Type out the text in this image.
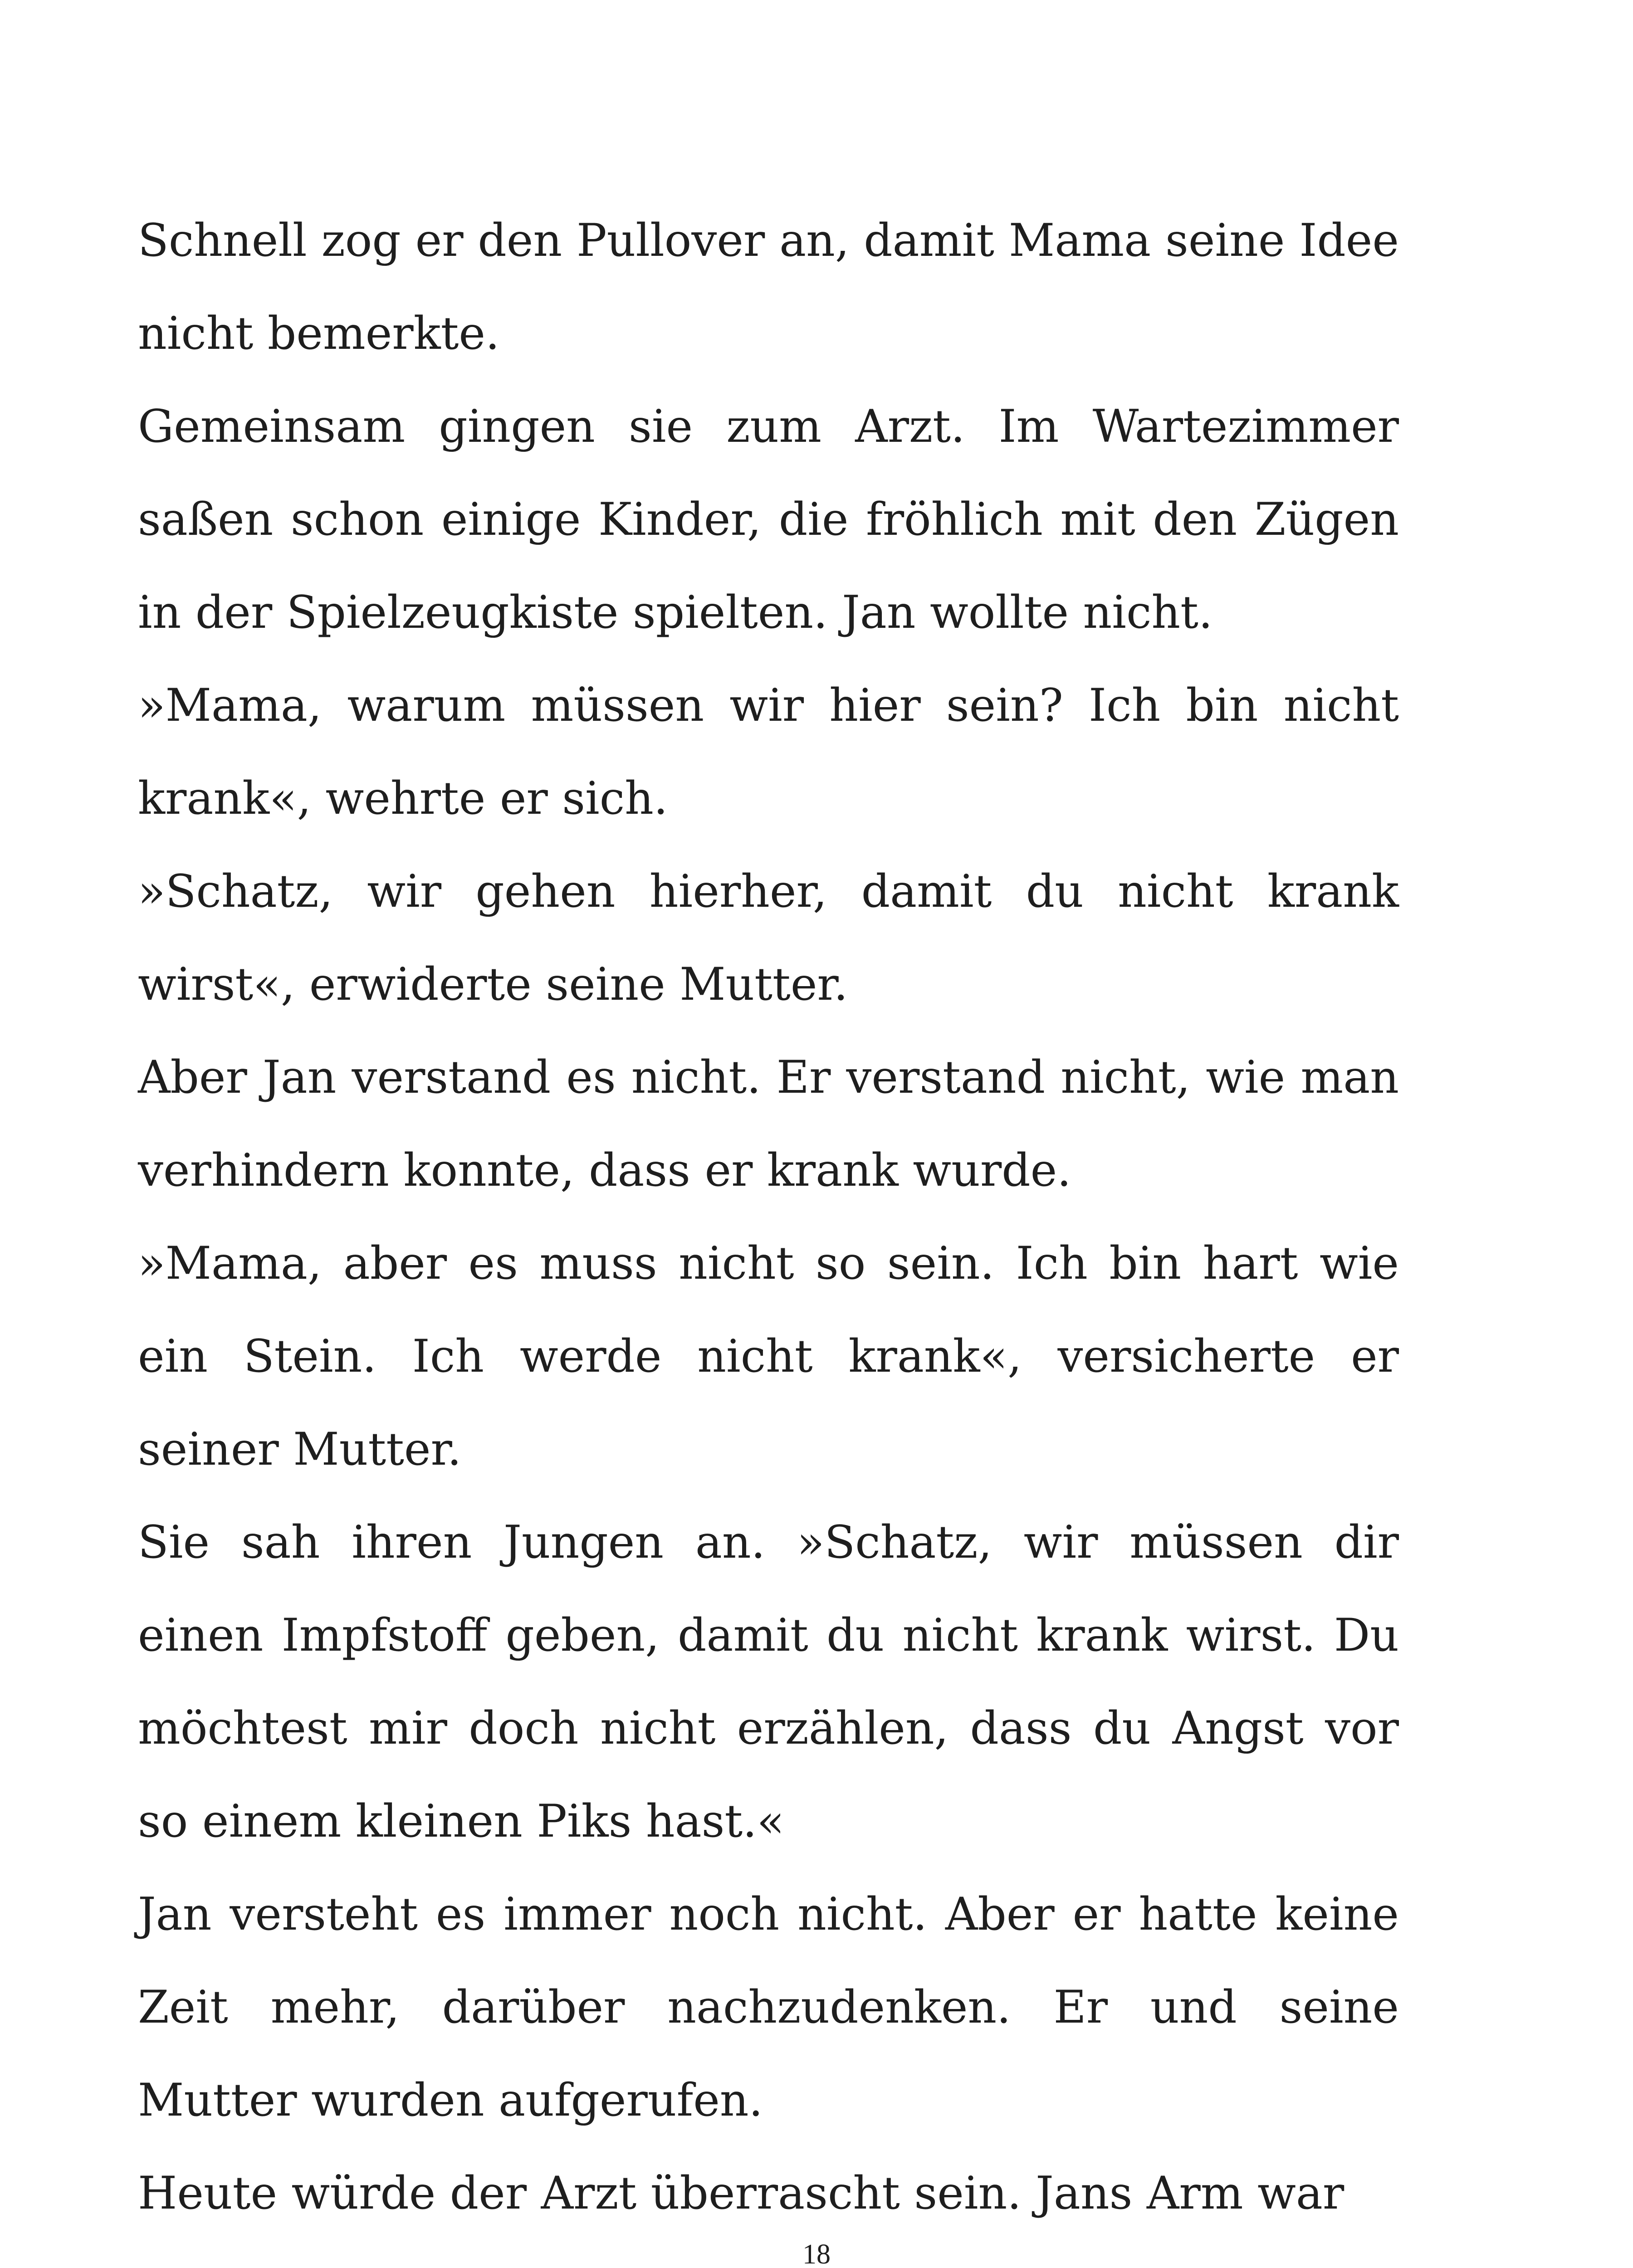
Schnell zog er den Pullover an, damit Mama seine Idee nicht bemerkte.

Gemeinsam gingen sie zum Arzt. Im Wartezimmer saßen schon einige Kinder, die fröhlich mit den Zügen in der Spielzeugkiste spielten. Jan wollte nicht.

»Mama, warum müssen wir hier sein? Ich bin nicht krank«, wehrte er sich.

»Schatz, wir gehen hierher, damit du nicht krank wirst«, erwiderte seine Mutter.

Aber Jan verstand es nicht. Er verstand nicht, wie man verhindern konnte, dass er krank wurde.

»Mama, aber es muss nicht so sein. Ich bin hart wie ein Stein. Ich werde nicht krank«, versicherte er seiner Mutter.

Sie sah ihren Jungen an. »Schatz, wir müssen dir einen Impfstoff geben, damit du nicht krank wirst. Du möchtest mir doch nicht erzählen, dass du Angst vor so einem kleinen Piks hast.«

Jan versteht es immer noch nicht. Aber er hatte keine Zeit mehr, darüber nachzudenken. Er und seine Mutter wurden aufgerufen.

Heute würde der Arzt überrascht sein. Jans Arm war

18
